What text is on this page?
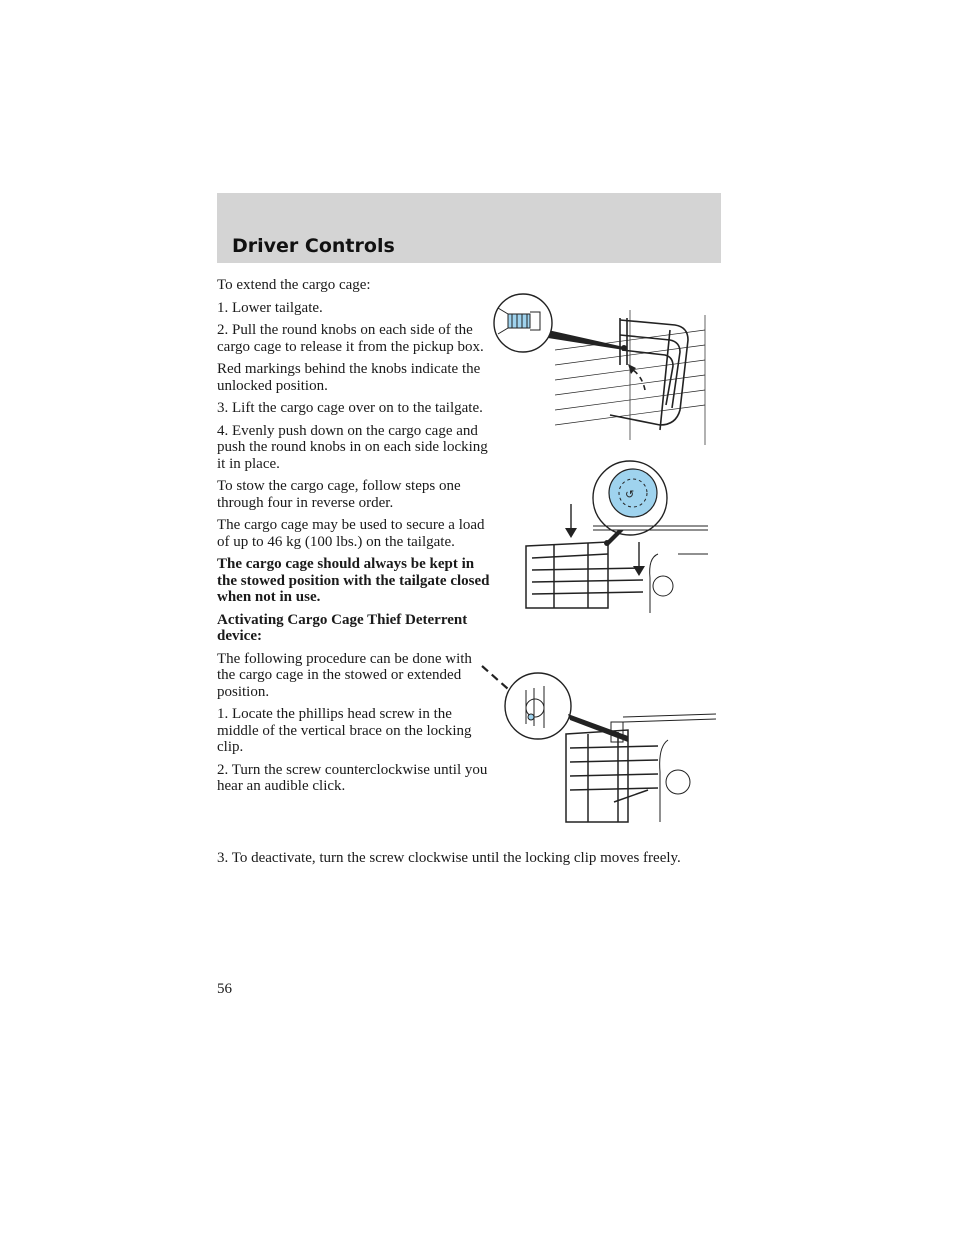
Driver Controls

To extend the cargo cage:

1. Lower tailgate.

2. Pull the round knobs on each side of the cargo cage to release it from the pickup box.

Red markings behind the knobs indicate the unlocked position.

3. Lift the cargo cage over on to the tailgate.

4. Evenly push down on the cargo cage and push the round knobs in on each side locking it in place.

To stow the cargo cage, follow steps one through four in reverse order.

The cargo cage may be used to secure a load of up to 46 kg (100 lbs.) on the tailgate.

The cargo cage should always be kept in the stowed position with the tailgate closed when not in use.

Activating Cargo Cage Thief Deterrent device:

The following procedure can be done with the cargo cage in the stowed or extended position.

1. Locate the phillips head screw in the middle of the vertical brace on the locking clip.

2. Turn the screw counterclockwise until you hear an audible click.

3. To deactivate, turn the screw clockwise until the locking clip moves freely.

56

↺
